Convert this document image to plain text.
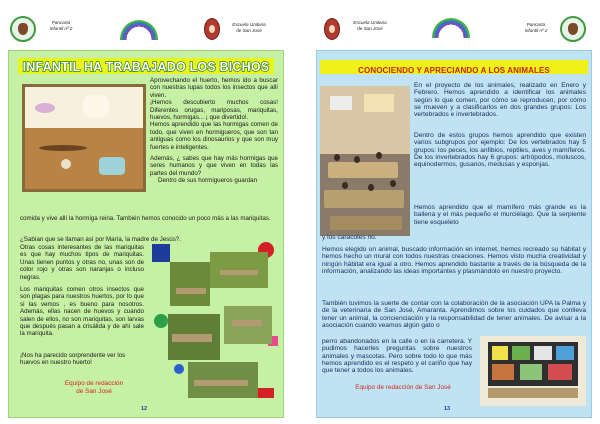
Pancarta
Infantil nº 2
Escuela Unitaria
de San José
INFANTIL HA TRABAJADO LOS BICHOS

Aprovechando el huerto, hemos ido a buscar con nuestras lupas todos los insectos que allí viven.

¡Hemos descubierto muchos cosas! Diferentes orugas, mariposas, mariquitas, huevos, hormigas... ¡ que divertido!.

Hemos aprendido que las hormigas comen de todo, que viven en hormigueros, que son tan antiguas como los dinosaurios y que son muy fuertes e inteligentes.

Además, ¿ sabes que hay más hormigas que seres humanos y que viven en todas las partes del mundo?

Dentro de sus hormigueros guardan

comida y vive allí la hormiga reina. También hemos conocido un poco más a las mariquitas.
¿Sabían que se llaman así por María, la madre de Jesús?.
Otras cosas interesantes de las mariquitas es que hay muchos tipos de mariquitas. Unas tienen puntos y otras no, unas son de color rojo y otras son naranjas o incluso negras.
Los mariquitas comen otros insectos que son plagas para nuestros huertos, por lo que si las vemos , es bueno para nosotros. Además, ellas nacen de huevos y cuando salen de ellos, no son mariquitas, son larvas que después pasan a crisálida y de ahí sale la mariquita.
¡Nos ha parecido sorprendente ver los huevos en nuestro huerto!
Equipo de redacción
de San José
12
Escuela Unitaria
de San José
Pancarta
Infantil nº 2
CONOCIENDO Y APRECIANDO A LOS ANIMALES
En el proyecto de los animales, realizado en Enero y Febrero. Hemos aprendido a identificar los animales según lo que comen, por cómo se reproducen, por cómo se mueven y a clasificarlos en dos grandes grupos: Los vertebrados e invertebrados.
Dentro de estos grupos hemos aprendido que existen varios subgrupos por ejemplo: De los vertebrados hay 5 grupos: los peces, los anfibios, reptiles, aves y mamíferos. De los invertebrados hay 6 grupos: artrópodos, moluscos, equinodermos, gusanos, medusas y esponjas.
Hemos aprendido que el mamífero más grande es la ballena y el más pequeño el murciélago. Que la serpiente tiene esqueleto
y los caracoles no.
Hemos elegido un animal, buscado información en internet, hemos recreado su hábitat y hemos hecho un mural con todos nuestras creaciones. Hemos visto mucha creatividad y ningún hábitat era igual a otro. Hemos aprendido bastante a través de la búsqueda de la información, analizando las ideas importantes y plasmándolo en nuestro proyecto.
También tuvimos la suerte de contar con la colaboración de la asociación UPA la Palma y de la veterinaria de San José, Amaranta. Aprendimos sobre los cuidados que conlleva tener un animal, la concienciación y la responsabilidad de tener animales. De avisar a la asociación cuando veamos algún gato o
perro abandonados en la calle o en la carretera. Y pudimos hacerles preguntas sobre nuestros animales y mascotas. Pero sobre todo lo que más hemos aprendido es el respeto y el cariño que hay que tener a todos los animales.
Equipo de redacción de San José
13
